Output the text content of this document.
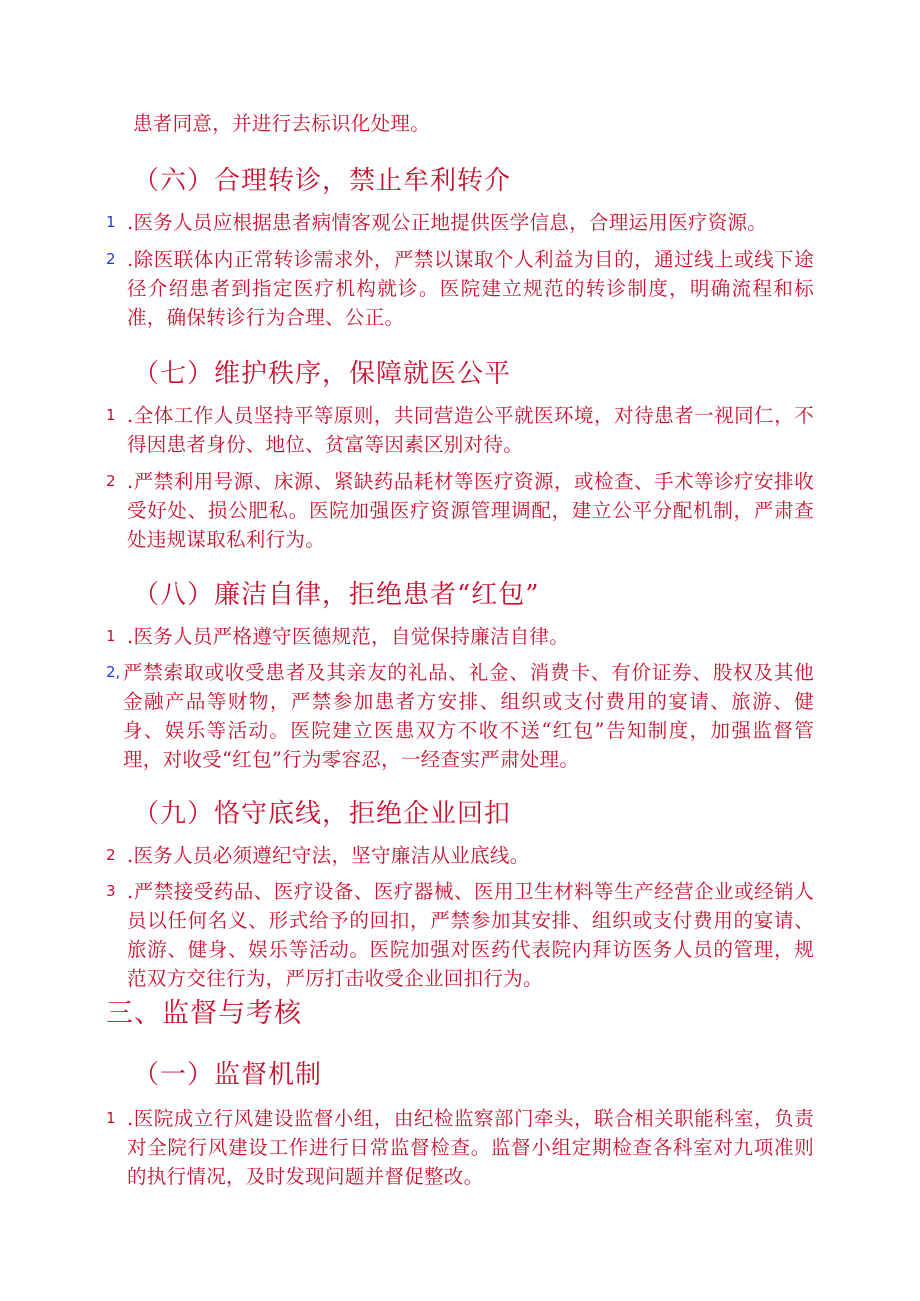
患者同意，并进行去标识化处理。

（六）合理转诊，禁止牟利转介
1 .医务人员应根据患者病情客观公正地提供医学信息，合理运用医疗资源。
2 .除医联体内正常转诊需求外，严禁以谋取个人利益为目的，通过线上或线下途径介绍患者到指定医疗机构就诊。医院建立规范的转诊制度，明确流程和标准，确保转诊行为合理、公正。
（七）维护秩序，保障就医公平
1 .全体工作人员坚持平等原则，共同营造公平就医环境，对待患者一视同仁，不得因患者身份、地位、贫富等因素区别对待。
2 .严禁利用号源、床源、紧缺药品耗材等医疗资源，或检查、手术等诊疗安排收受好处、损公肥私。医院加强医疗资源管理调配，建立公平分配机制，严肃查处违规谋取私利行为。
（八）廉洁自律，拒绝患者“红包”
1 .医务人员严格遵守医德规范，自觉保持廉洁自律。
2, 严禁索取或收受患者及其亲友的礼品、礼金、消费卡、有价证券、股权及其他金融产品等财物，严禁参加患者方安排、组织或支付费用的宴请、旅游、健身、娱乐等活动。医院建立医患双方不收不送“红包”告知制度，加强监督管理，对收受“红包”行为零容忍，一经查实严肃处理。
（九）恪守底线，拒绝企业回扣
2 .医务人员必须遵纪守法，坚守廉洁从业底线。
3 .严禁接受药品、医疗设备、医疗器械、医用卫生材料等生产经营企业或经销人员以任何名义、形式给予的回扣，严禁参加其安排、组织或支付费用的宴请、旅游、健身、娱乐等活动。医院加强对医药代表院内拜访医务人员的管理，规范双方交往行为，严厉打击收受企业回扣行为。
三、监督与考核
（一）监督机制
1 .医院成立行风建设监督小组，由纪检监察部门牵头，联合相关职能科室，负责对全院行风建设工作进行日常监督检查。监督小组定期检查各科室对九项准则的执行情况，及时发现问题并督促整改。
